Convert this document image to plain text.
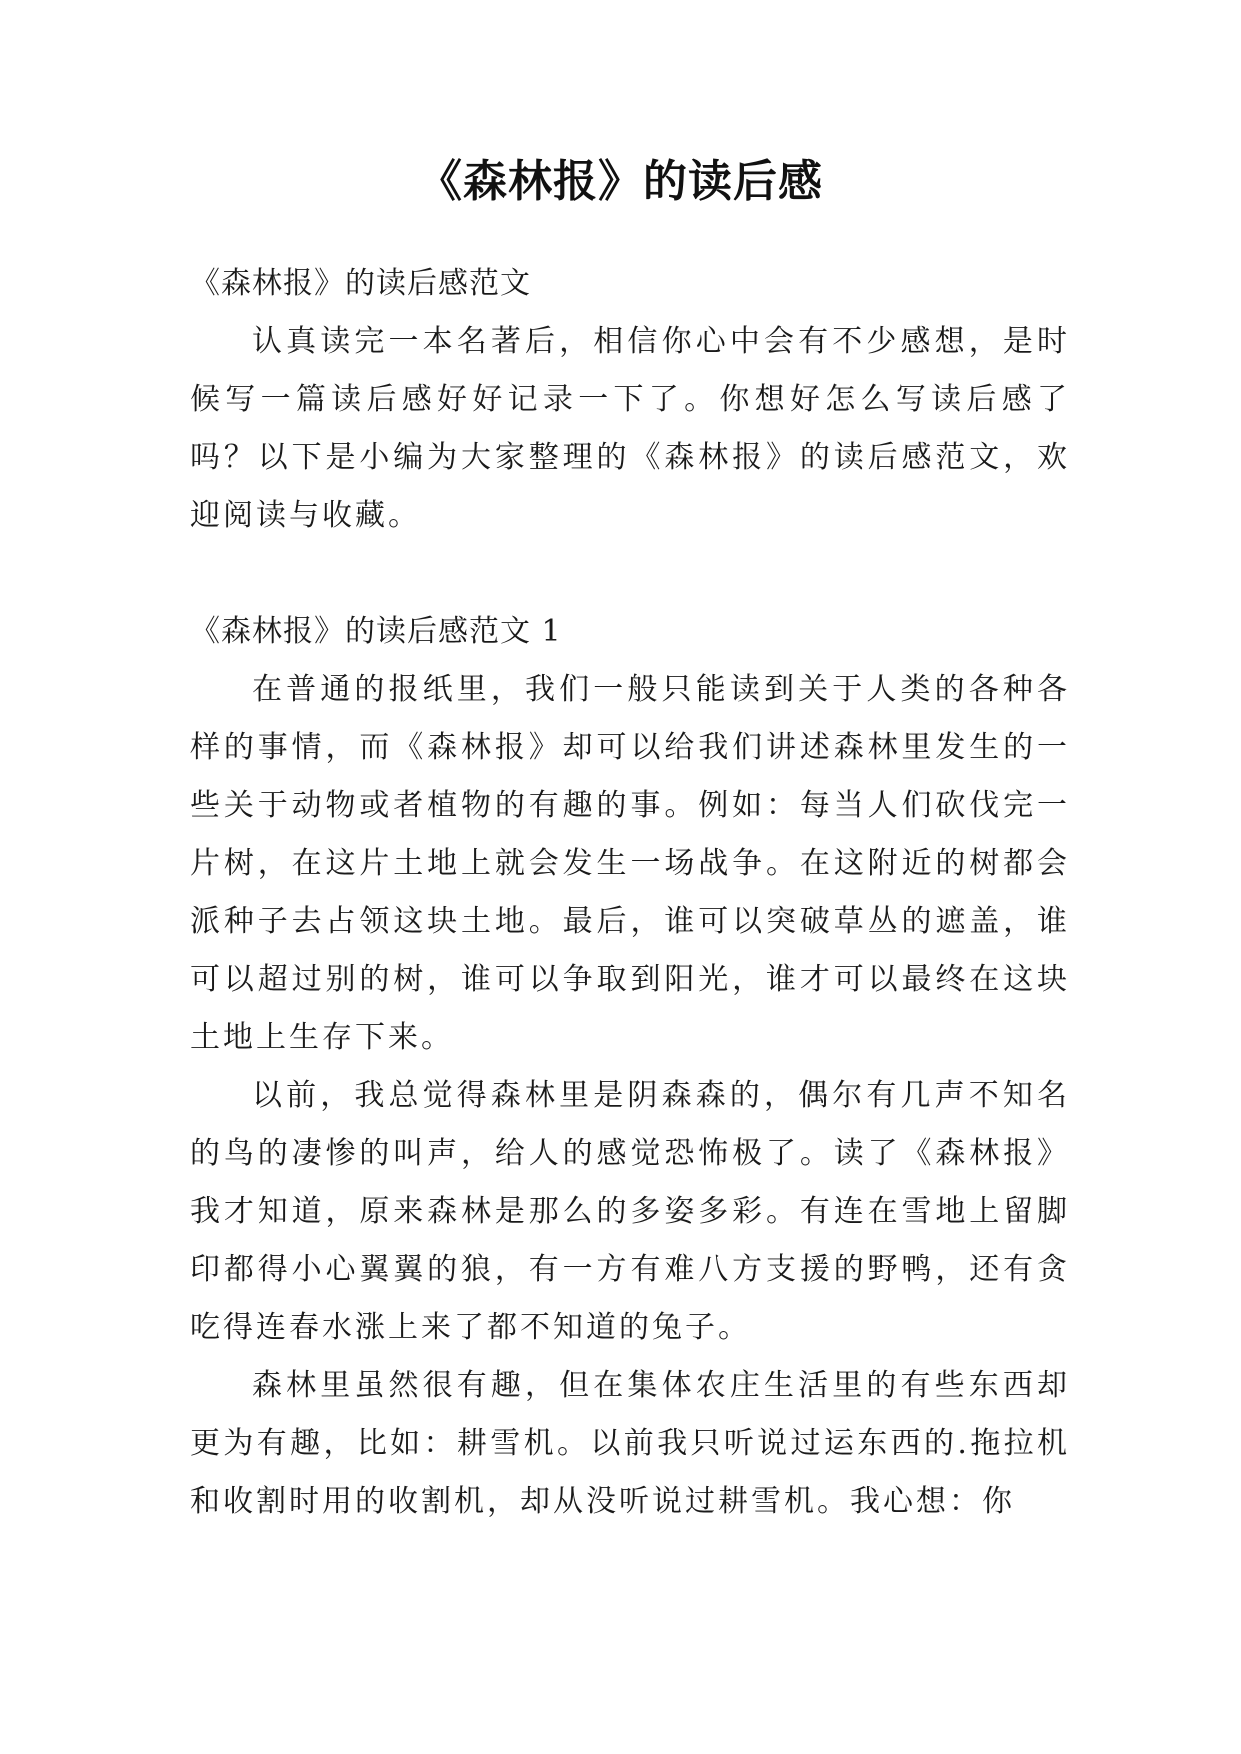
《森林报》的读后感

《森林报》的读后感范文

认真读完一本名著后，相信你心中会有不少感想，是时候写一篇读后感好好记录一下了。你想好怎么写读后感了吗？以下是小编为大家整理的《森林报》的读后感范文，欢迎阅读与收藏。

《森林报》的读后感范文 1

在普通的报纸里，我们一般只能读到关于人类的各种各样的事情，而《森林报》却可以给我们讲述森林里发生的一些关于动物或者植物的有趣的事。例如：每当人们砍伐完一片树，在这片土地上就会发生一场战争。在这附近的树都会派种子去占领这块土地。最后，谁可以突破草丛的遮盖，谁可以超过别的树，谁可以争取到阳光，谁才可以最终在这块土地上生存下来。

以前，我总觉得森林里是阴森森的，偶尔有几声不知名的鸟的凄惨的叫声，给人的感觉恐怖极了。读了《森林报》我才知道，原来森林是那么的多姿多彩。有连在雪地上留脚印都得小心翼翼的狼，有一方有难八方支援的野鸭，还有贪吃得连春水涨上来了都不知道的兔子。

森林里虽然很有趣，但在集体农庄生活里的有些东西却更为有趣，比如：耕雪机。以前我只听说过运东西的.拖拉机和收割时用的收割机，却从没听说过耕雪机。我心想：你
